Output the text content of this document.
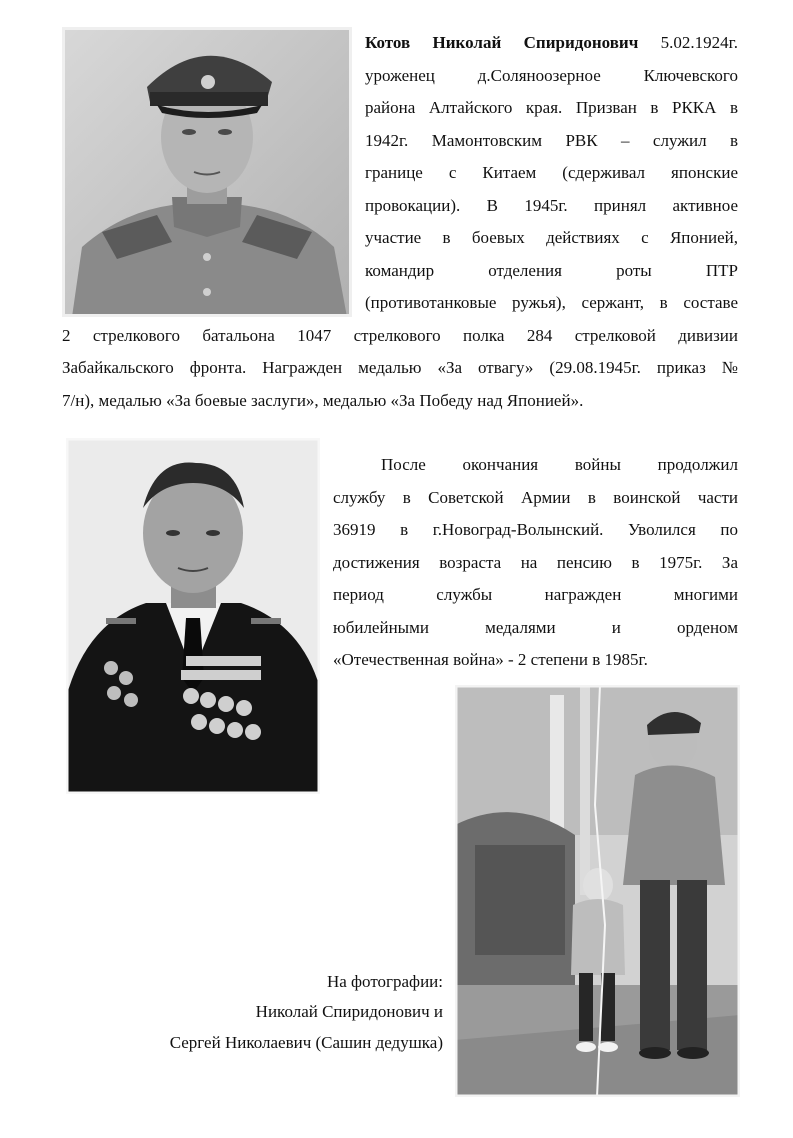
Котов Николай Спиридонович 5.02.1924г.
уроженец д.Соляноозерное Ключевского
района Алтайского края. Призван в РККА в
1942г. Мамонтовским РВК – служил в
границе с Китаем (сдерживал японские
провокации). В 1945г. принял активное
участие в боевых действиях с Японией,
командир отделения роты ПТР
(противотанковые ружья), сержант, в составе
2 стрелкового батальона 1047 стрелкового полка 284 стрелковой дивизии
Забайкальского фронта. Награжден медалью «За отвагу» (29.08.1945г. приказ №
7/н), медалью «За боевые заслуги», медалью «За Победу над Японией».
После окончания войны продолжил
службу в Советской Армии в воинской части
36919 в г.Новоград-Волынский. Уволился по
достижения возраста на пенсию в 1975г. За
период службы награжден многими
юбилейными медалями и орденом
«Отечественная война» - 2 степени в 1985г.
На фотографии:
Николай Спиридонович и
Сергей Николаевич (Сашин дедушка)
